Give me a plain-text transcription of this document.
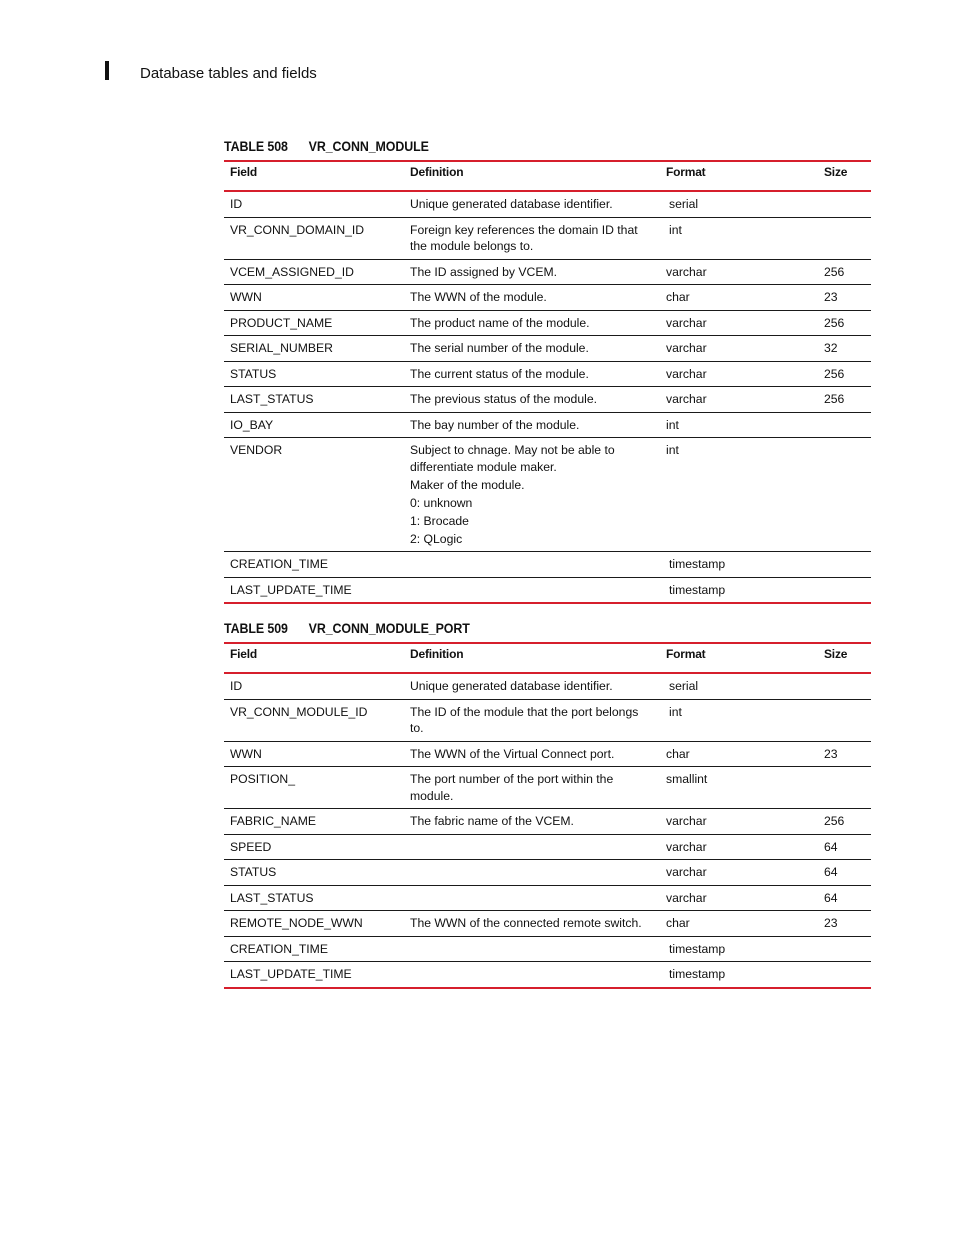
Database tables and fields
TABLE 508 VR_CONN_MODULE
Field	Definition	Format	Size
ID	Unique generated database identifier.	serial	
VR_CONN_DOMAIN_ID	Foreign key references the domain ID that the module belongs to.	int	
VCEM_ASSIGNED_ID	The ID assigned by VCEM.	varchar	256
WWN	The WWN of the module.	char	23
PRODUCT_NAME	The product name of the module.	varchar	256
SERIAL_NUMBER	The serial number of the module.	varchar	32
STATUS	The current status of the module.	varchar	256
LAST_STATUS	The previous status of the module.	varchar	256
IO_BAY	The bay number of the module.	int	
VENDOR	Subject to chnage. May not be able to differentiate module maker.
Maker of the module.
0: unknown
1: Brocade
2: QLogic	int	
CREATION_TIME		timestamp	
LAST_UPDATE_TIME		timestamp	
TABLE 509 VR_CONN_MODULE_PORT
Field	Definition	Format	Size
ID	Unique generated database identifier.	serial	
VR_CONN_MODULE_ID	The ID of the module that the port belongs to.	int	
WWN	The WWN of the Virtual Connect port.	char	23
POSITION_	The port number of the port within the module.	smallint	
FABRIC_NAME	The fabric name of the VCEM.	varchar	256
SPEED		varchar	64
STATUS		varchar	64
LAST_STATUS		varchar	64
REMOTE_NODE_WWN	The WWN of the connected remote switch.	char	23
CREATION_TIME		timestamp	
LAST_UPDATE_TIME		timestamp	
